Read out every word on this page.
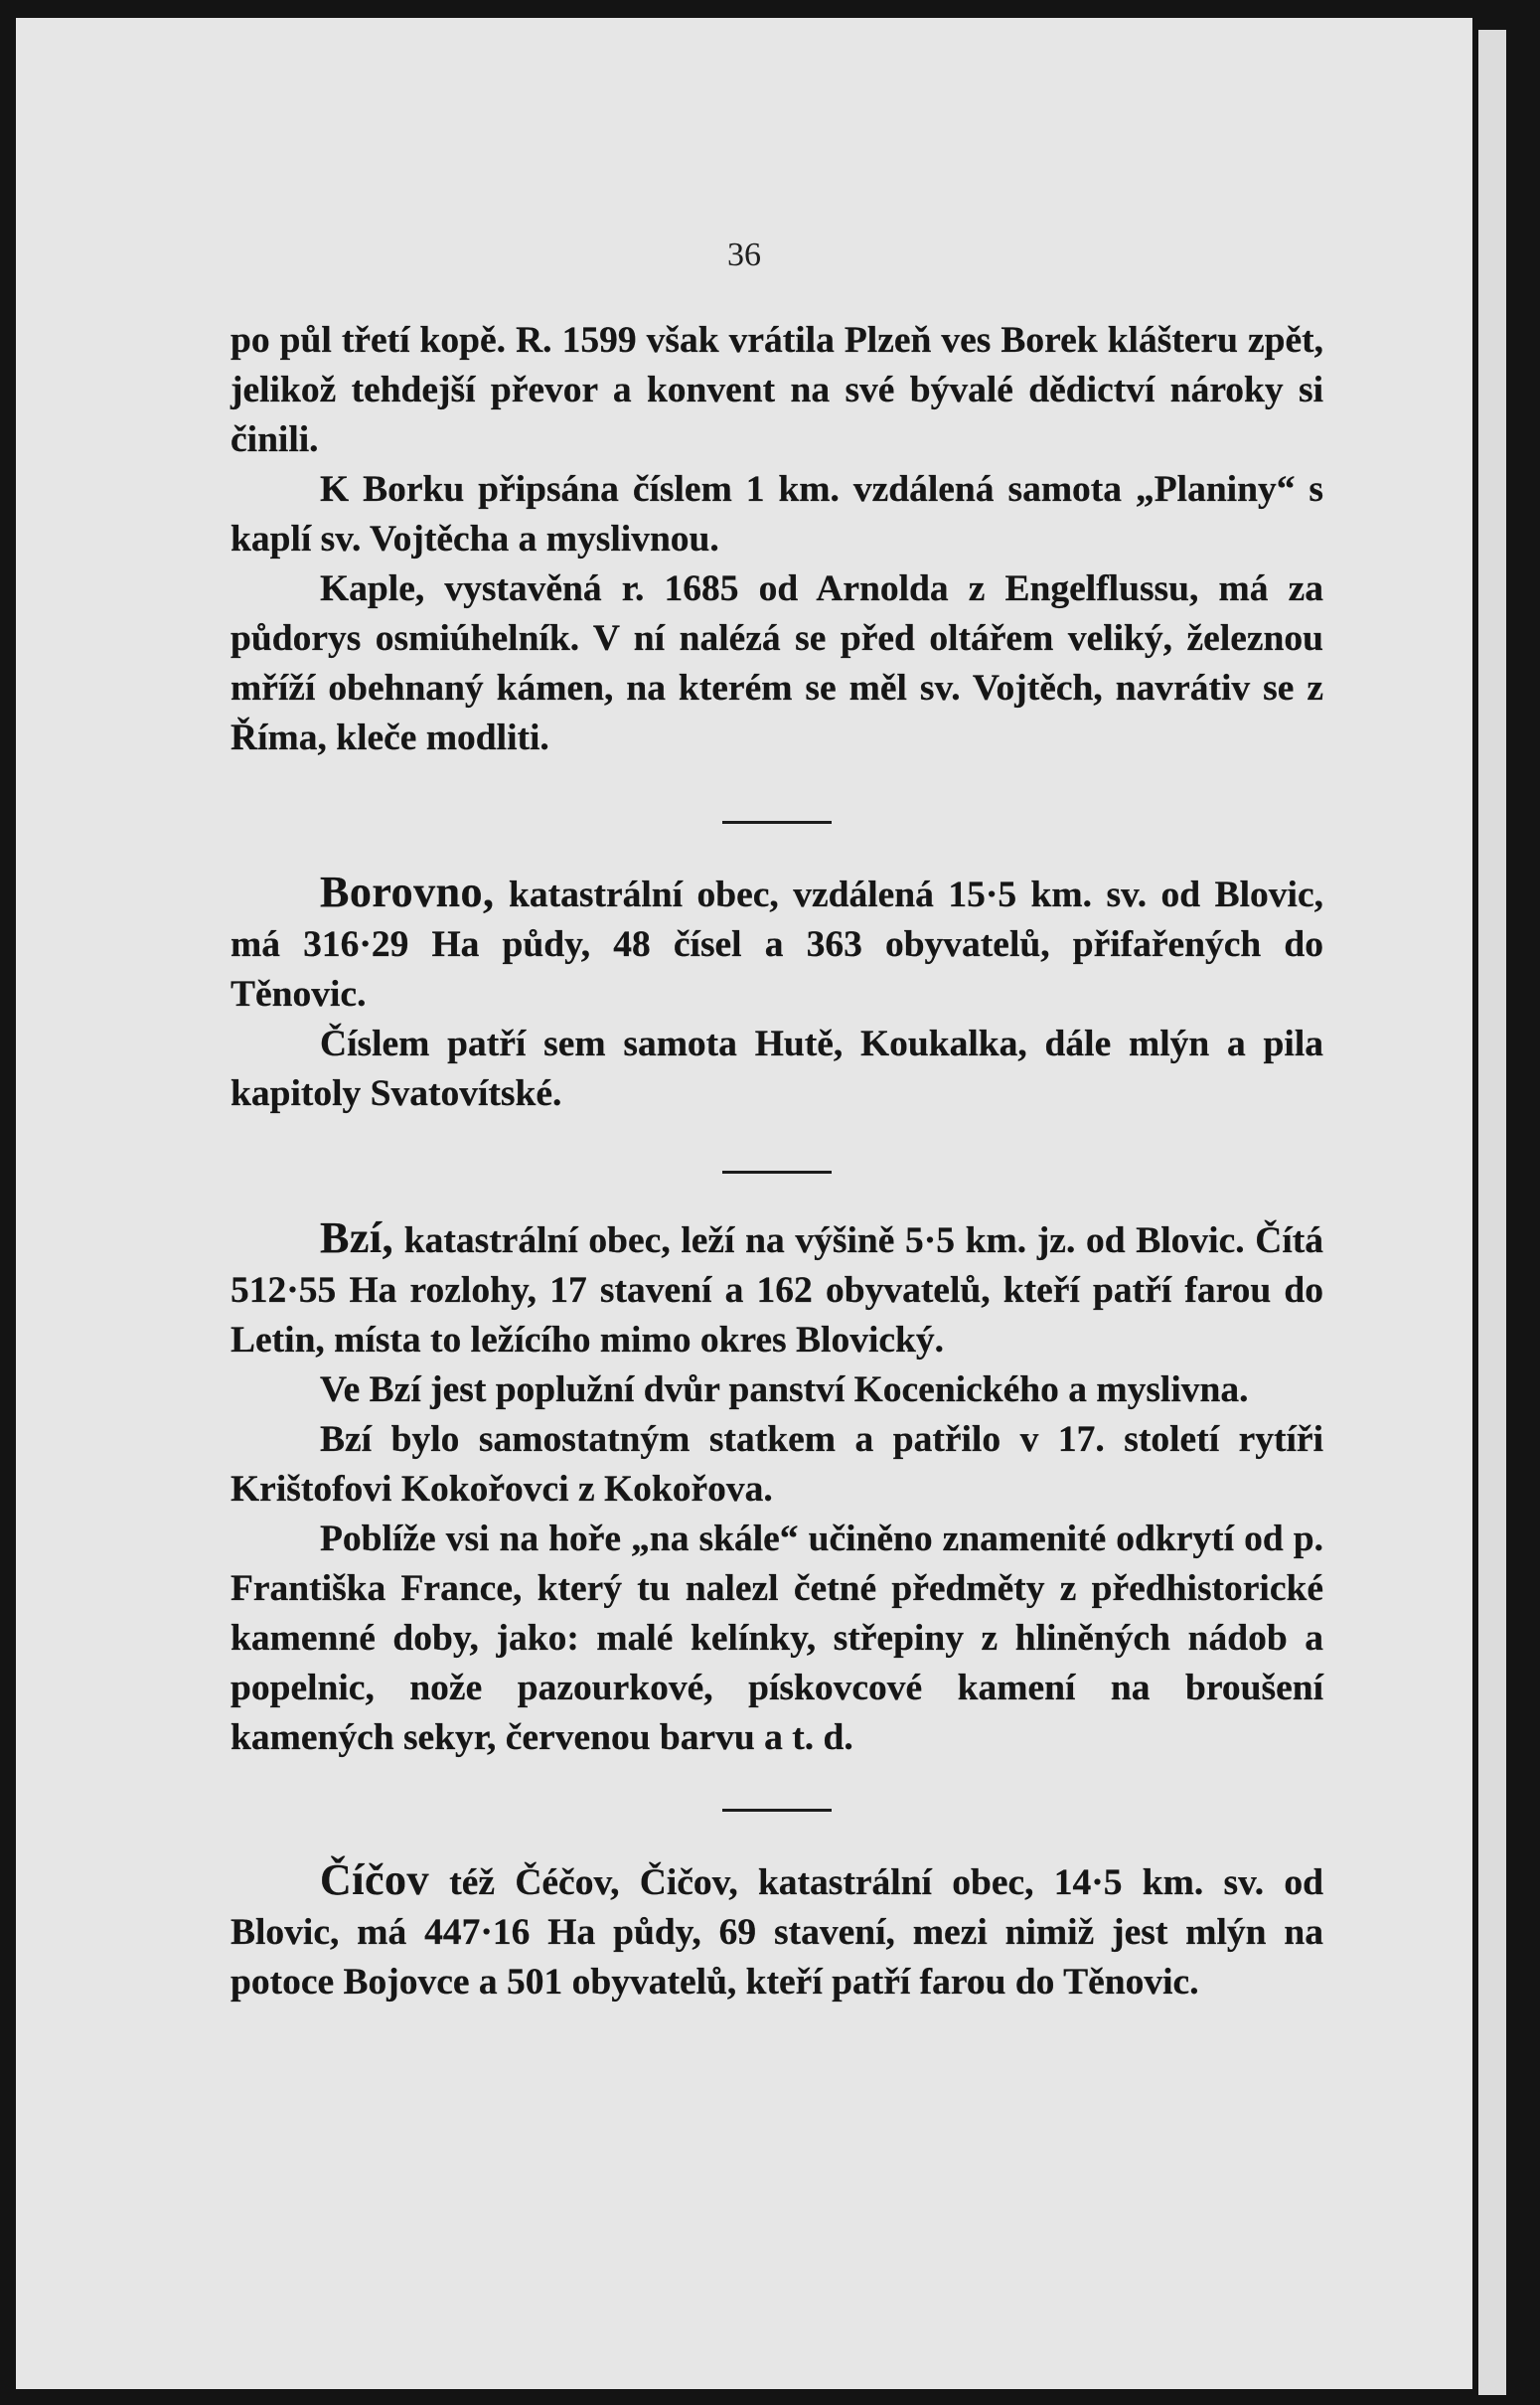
36

po půl třetí kopě. R. 1599 však vrátila Plzeň ves Borek klášteru zpět, jelikož tehdejší převor a konvent na své bývalé dědictví nároky si činili.

K Borku připsána číslem 1 km. vzdálená samota „Planiny“ s kaplí sv. Vojtěcha a myslivnou.

Kaple, vystavěná r. 1685 od Arnolda z Engelflussu, má za půdorys osmiúhelník. V ní nalézá se před oltářem veliký, železnou mříží obehnaný kámen, na kterém se měl sv. Vojtěch, navrátiv se z Říma, kleče modliti.

Borovno, katastrální obec, vzdálená 15·5 km. sv. od Blovic, má 316·29 Ha půdy, 48 čísel a 363 obyvatelů, přifařených do Těnovic.

Číslem patří sem samota Hutě, Koukalka, dále mlýn a pila kapitoly Svatovítské.

Bzí, katastrální obec, leží na výšině 5·5 km. jz. od Blovic. Čítá 512·55 Ha rozlohy, 17 stavení a 162 obyvatelů, kteří patří farou do Letin, místa to ležícího mimo okres Blovický.

Ve Bzí jest poplužní dvůr panství Kocenického a myslivna.

Bzí bylo samostatným statkem a patřilo v 17. století rytíři Krištofovi Kokořovci z Kokořova.

Poblíže vsi na hoře „na skále“ učiněno znamenité odkrytí od p. Františka France, který tu nalezl četné předměty z předhistorické kamenné doby, jako: malé kelínky, střepiny z hliněných nádob a popelnic, nože pazourkové, pískovcové kamení na broušení kamených sekyr, červenou barvu a t. d.

Číčov též Čéčov, Čičov, katastrální obec, 14·5 km. sv. od Blovic, má 447·16 Ha půdy, 69 stavení, mezi nimiž jest mlýn na potoce Bojovce a 501 obyvatelů, kteří patří farou do Těnovic.
